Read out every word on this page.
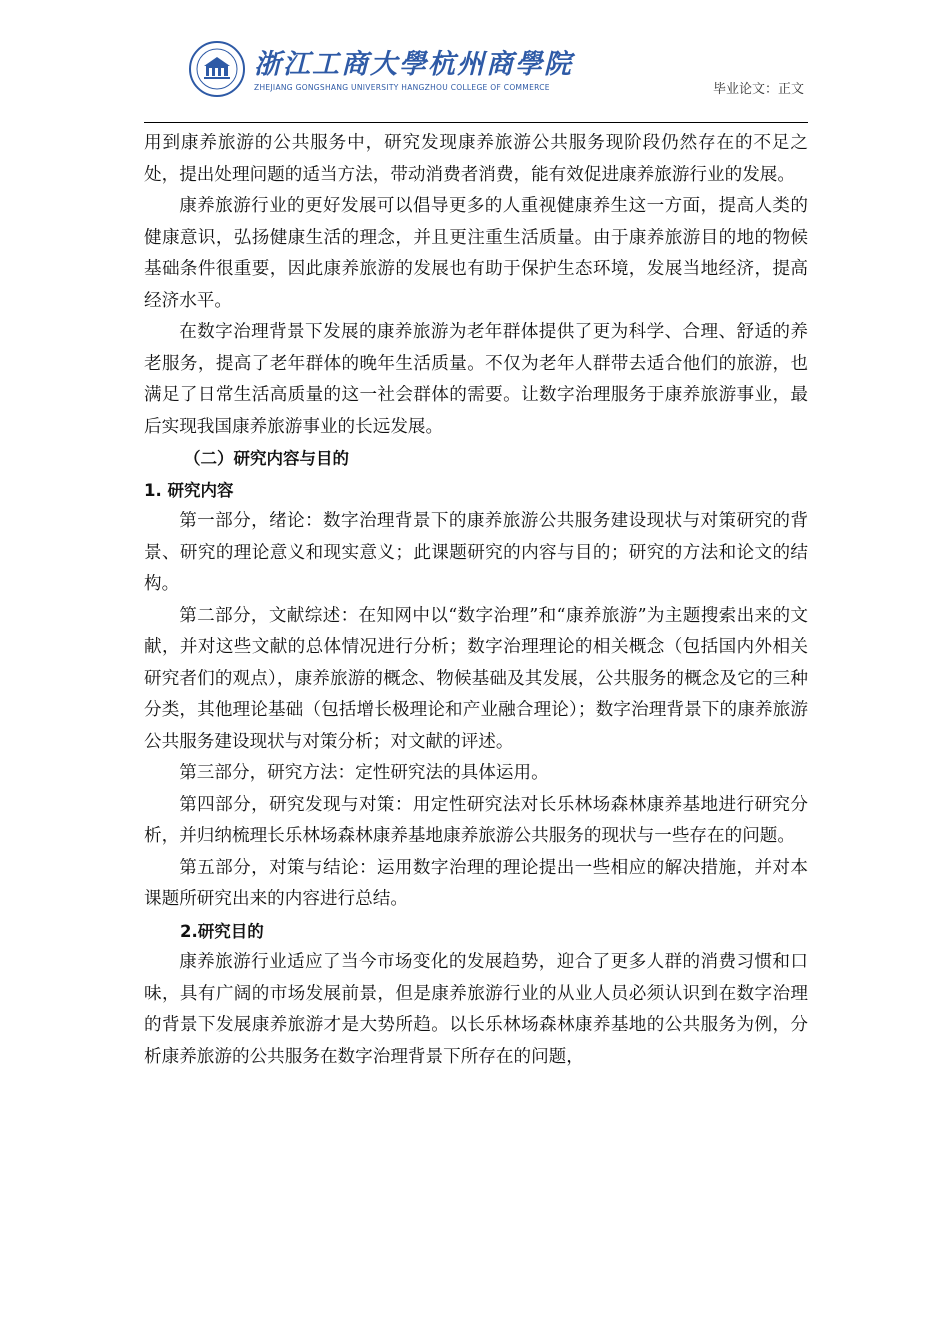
浙江工商大學杭州商學院
ZHEJIANG GONGSHANG UNIVERSITY HANGZHOU COLLEGE OF COMMERCE	毕业论文：正文

用到康养旅游的公共服务中，研究发现康养旅游公共服务现阶段仍然存在的不足之处，提出处理问题的适当方法，带动消费者消费，能有效促进康养旅游行业的发展。

康养旅游行业的更好发展可以倡导更多的人重视健康养生这一方面，提高人类的健康意识，弘扬健康生活的理念，并且更注重生活质量。由于康养旅游目的地的物候基础条件很重要，因此康养旅游的发展也有助于保护生态环境，发展当地经济，提高经济水平。

在数字治理背景下发展的康养旅游为老年群体提供了更为科学、合理、舒适的养老服务，提高了老年群体的晚年生活质量。不仅为老年人群带去适合他们的旅游，也满足了日常生活高质量的这一社会群体的需要。让数字治理服务于康养旅游事业，最后实现我国康养旅游事业的长远发展。

（二）研究内容与目的

1. 研究内容

第一部分，绪论：数字治理背景下的康养旅游公共服务建设现状与对策研究的背景、研究的理论意义和现实意义；此课题研究的内容与目的；研究的方法和论文的结构。

第二部分，文献综述：在知网中以“数字治理”和“康养旅游”为主题搜索出来的文献，并对这些文献的总体情况进行分析；数字治理理论的相关概念（包括国内外相关研究者们的观点），康养旅游的概念、物候基础及其发展，公共服务的概念及它的三种分类，其他理论基础（包括增长极理论和产业融合理论）；数字治理背景下的康养旅游公共服务建设现状与对策分析；对文献的评述。

第三部分，研究方法：定性研究法的具体运用。

第四部分，研究发现与对策：用定性研究法对长乐林场森林康养基地进行研究分析，并归纳梳理长乐林场森林康养基地康养旅游公共服务的现状与一些存在的问题。

第五部分，对策与结论：运用数字治理的理论提出一些相应的解决措施，并对本课题所研究出来的内容进行总结。

2.研究目的

康养旅游行业适应了当今市场变化的发展趋势，迎合了更多人群的消费习惯和口味，具有广阔的市场发展前景，但是康养旅游行业的从业人员必须认识到在数字治理的背景下发展康养旅游才是大势所趋。以长乐林场森林康养基地的公共服务为例，分析康养旅游的公共服务在数字治理背景下所存在的问题，
